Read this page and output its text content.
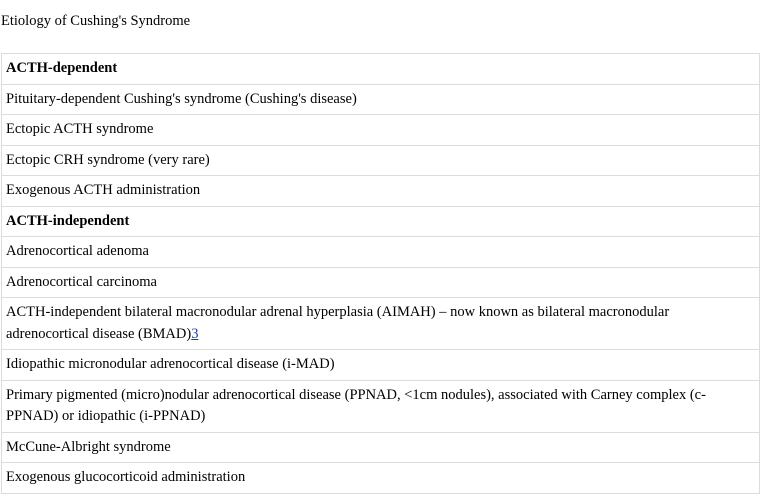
Etiology of Cushing's Syndrome
ACTH-dependent
Pituitary-dependent Cushing's syndrome (Cushing's disease)
Ectopic ACTH syndrome
Ectopic CRH syndrome (very rare)
Exogenous ACTH administration
ACTH-independent
Adrenocortical adenoma
Adrenocortical carcinoma
ACTH-independent bilateral macronodular adrenal hyperplasia (AIMAH) – now known as bilateral macronodular adrenocortical disease (BMAD)3
Idiopathic micronodular adrenocortical disease (i-MAD)
Primary pigmented (micro)nodular adrenocortical disease (PPNAD, <1cm nodules), associated with Carney complex (c-PPNAD) or idiopathic (i-PPNAD)
McCune-Albright syndrome
Exogenous glucocorticoid administration
